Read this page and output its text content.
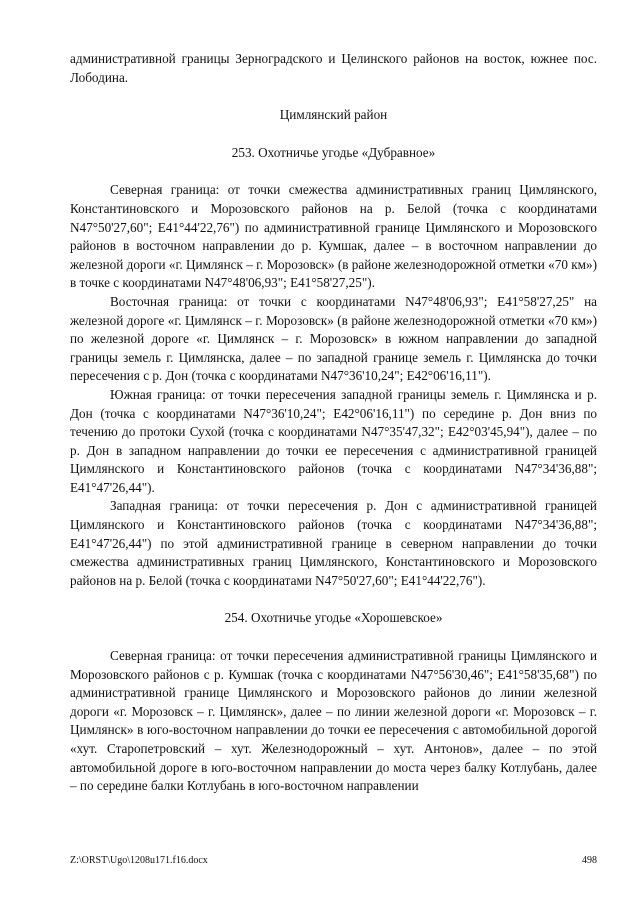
административной границы Зерноградского и Целинского районов на восток, южнее пос. Лободина.

Цимлянский район

253. Охотничье угодье «Дубравное»

Северная граница: от точки смежества административных границ Цимлянского, Константиновского и Морозовского районов на р. Белой (точка с координатами N47°50'27,60"; E41°44'22,76") по административной границе Цимлянского и Морозовского районов в восточном направлении до р. Кумшак, далее – в восточном направлении до железной дороги «г. Цимлянск – г. Морозовск» (в районе железнодорожной отметки «70 км») в точке с координатами N47°48'06,93"; E41°58'27,25").

Восточная граница: от точки с координатами N47°48'06,93"; E41°58'27,25" на железной дороге «г. Цимлянск – г. Морозовск» (в районе железнодорожной отметки «70 км») по железной дороге «г. Цимлянск – г. Морозовск» в южном направлении до западной границы земель г. Цимлянска, далее – по западной границе земель г. Цимлянска до точки пересечения с р. Дон (точка с координатами N47°36'10,24"; E42°06'16,11").

Южная граница: от точки пересечения западной границы земель г. Цимлянска и р. Дон (точка с координатами N47°36'10,24"; E42°06'16,11") по середине р. Дон вниз по течению до протоки Сухой (точка с координатами N47°35'47,32"; E42°03'45,94"), далее – по р. Дон в западном направлении до точки ее пересечения с административной границей Цимлянского и Константиновского районов (точка с координатами N47°34'36,88"; E41°47'26,44").

Западная граница: от точки пересечения р. Дон с административной границей Цимлянского и Константиновского районов (точка с координатами N47°34'36,88"; E41°47'26,44") по этой административной границе в северном направлении до точки смежества административных границ Цимлянского, Константиновского и Морозовского районов на р. Белой (точка с координатами N47°50'27,60"; E41°44'22,76").

254. Охотничье угодье «Хорошевское»

Северная граница: от точки пересечения административной границы Цимлянского и Морозовского районов с р. Кумшак (точка с координатами N47°56'30,46"; E41°58'35,68") по административной границе Цимлянского и Морозовского районов до линии железной дороги «г. Морозовск – г. Цимлянск», далее – по линии железной дороги «г. Морозовск – г. Цимлянск» в юго-восточном направлении до точки ее пересечения с автомобильной дорогой «хут. Старопетровский – хут. Железнодорожный – хут. Антонов», далее – по этой автомобильной дороге в юго-восточном направлении до моста через балку Котлубань, далее – по середине балки Котлубань в юго-восточном направлении

Z:\ORST\Ugo\1208u171.f16.docx	498
